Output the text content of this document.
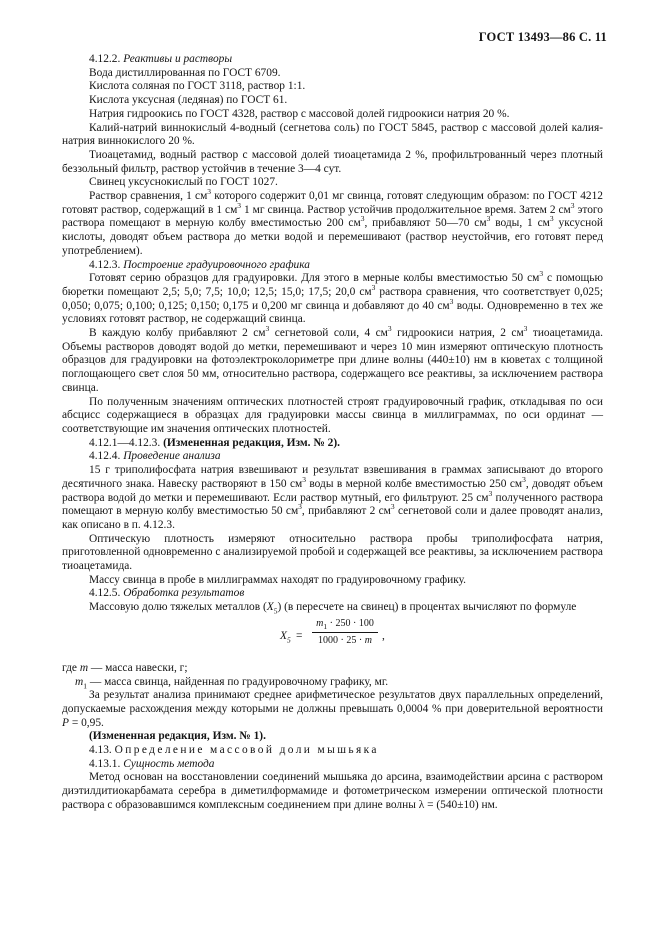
ГОСТ 13493—86 С. 11

4.12.2. Реактивы и растворы

Вода дистиллированная по ГОСТ 6709.

Кислота соляная по ГОСТ 3118, раствор 1:1.

Кислота уксусная (ледяная) по ГОСТ 61.

Натрия гидроокись по ГОСТ 4328, раствор с массовой долей гидроокиси натрия 20 %.

Калий-натрий виннокислый 4-водный (сегнетова соль) по ГОСТ 5845, раствор с массовой долей калия-натрия виннокислого 20 %.

Тиоацетамид, водный раствор с массовой долей тиоацетамида 2 %, профильтрованный через плотный беззольный фильтр, раствор устойчив в течение 3—4 сут.

Свинец уксуснокислый по ГОСТ 1027.

Раствор сравнения, 1 $см^3$ которого содержит 0,01 мг свинца, готовят следующим образом: по ГОСТ 4212 готовят раствор, содержащий в 1 $см^3$ 1 мг свинца. Раствор устойчив продолжительное время. Затем 2 $см^3$ этого раствора помещают в мерную колбу вместимостью 200 $см^3$, прибавляют 50—70 $см^3$ воды, 1 $см^3$ уксусной кислоты, доводят объем раствора до метки водой и перемешивают (раствор неустойчив, его готовят перед употреблением).

4.12.3. Построение градуировочного графика

Готовят серию образцов для градуировки. Для этого в мерные колбы вместимостью 50 $см^3$ с помощью бюретки помещают 2,5; 5,0; 7,5; 10,0; 12,5; 15,0; 17,5; 20,0 $см^3$ раствора сравнения, что соответствует 0,025; 0,050; 0,075; 0,100; 0,125; 0,150; 0,175 и 0,200 мг свинца и добавляют до 40 $см^3$ воды. Одновременно в тех же условиях готовят раствор, не содержащий свинца.

В каждую колбу прибавляют 2 $см^3$ сегнетовой соли, 4 $см^3$ гидроокиси натрия, 2 $см^3$ тиоацетамида. Объемы растворов доводят водой до метки, перемешивают и через 10 мин измеряют оптическую плотность образцов для градуировки на фотоэлектроколориметре при длине волны (440±10) нм в кюветах с толщиной поглощающего свет слоя 50 мм, относительно раствора, содержащего все реактивы, за исключением раствора свинца.

По полученным значениям оптических плотностей строят градуировочный график, откладывая по оси абсцисс содержащиеся в образцах для градуировки массы свинца в миллиграммах, по оси ординат — соответствующие им значения оптических плотностей.

4.12.1—4.12.3. (Измененная редакция, Изм. № 2).

4.12.4. Проведение анализа

15 г триполифосфата натрия взвешивают и результат взвешивания в граммах записывают до второго десятичного знака. Навеску растворяют в 150 $см^3$ воды в мерной колбе вместимостью 250 $см^3$, доводят объем раствора водой до метки и перемешивают. Если раствор мутный, его фильтруют. 25 $см^3$ полученного раствора помещают в мерную колбу вместимостью 50 $см^3$, прибавляют 2 $см^3$ сегнетовой соли и далее проводят анализ, как описано в п. 4.12.3.

Оптическую плотность измеряют относительно раствора пробы триполифосфата натрия, приготовленной одновременно с анализируемой пробой и содержащей все реактивы, за исключением раствора тиоацетамида.

Массу свинца в пробе в миллиграммах находят по градуировочному графику.

4.12.5. Обработка результатов

Массовую долю тяжелых металлов $(X_5)$ (в пересчете на свинец) в процентах вычисляют по формуле

$X_5 = \frac{m_1 \cdot 250 \cdot 100}{1000 \cdot 25 \cdot m}$ ,

где m — масса навески, г;

$m_1$ — масса свинца, найденная по градуировочному графику, мг.

За результат анализа принимают среднее арифметическое результатов двух параллельных определений, допускаемые расхождения между которыми не должны превышать 0,0004 % при доверительной вероятности P = 0,95.

(Измененная редакция, Изм. № 1).

4.13. Определение массовой доли мышьяка

4.13.1. Сущность метода

Метод основан на восстановлении соединений мышьяка до арсина, взаимодействии арсина с раствором диэтилдитиокарбамата серебра в диметилформамиде и фотометрическом измерении оптической плотности раствора с образовавшимся комплексным соединением при длине волны λ = (540±10) нм.
